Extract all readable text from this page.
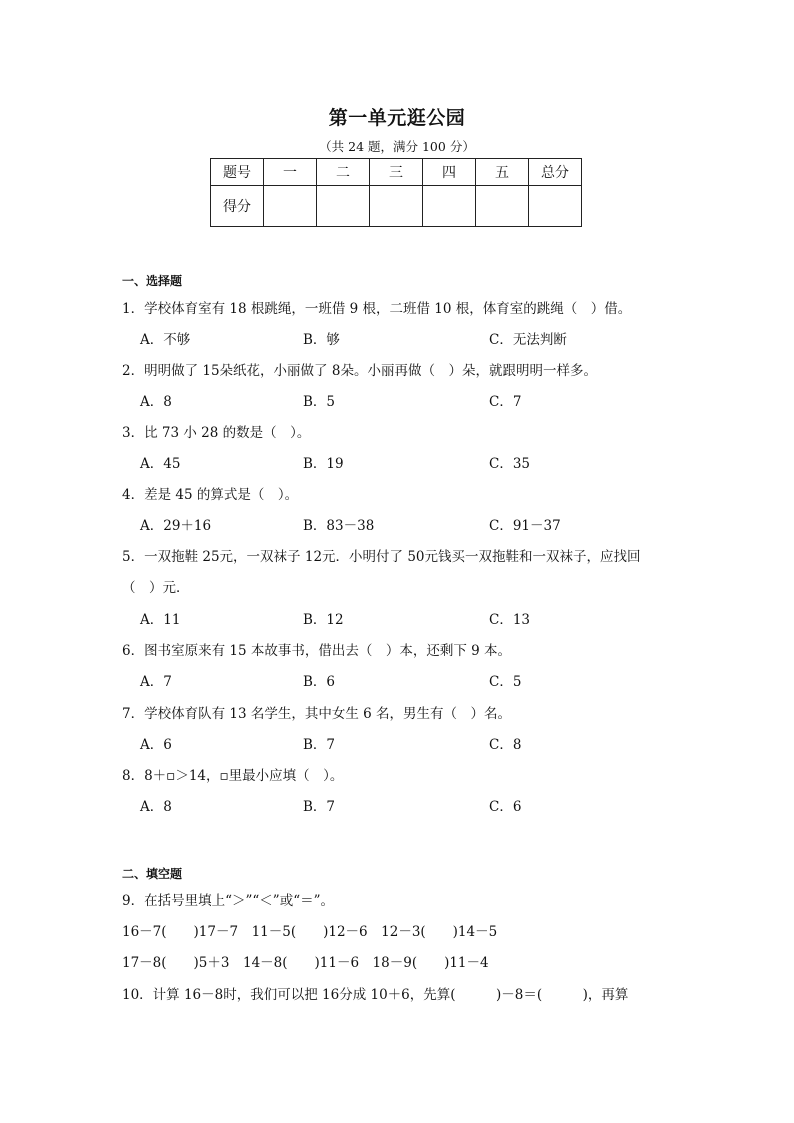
第一单元逛公园
（共 24 题，满分 100 分）
题号	一	二	三	四	五	总分
得分						
一、选择题
1．学校体育室有 18 根跳绳，一班借 9 根，二班借 10 根，体育室的跳绳（　）借。
A．不够	B．够	C．无法判断
2．明明做了 15朵纸花，小丽做了 8朵。小丽再做（　）朵，就跟明明一样多。
A．8	B．5	C．7
3．比 73 小 28 的数是（　）。
A．45	B．19	C．35
4．差是 45 的算式是（　）。
A．29＋16	B．83－38	C．91－37
5．一双拖鞋 25元，一双袜子 12元．小明付了 50元钱买一双拖鞋和一双袜子，应找回
（　）元．
A．11	B．12	C．13
6．图书室原来有 15 本故事书，借出去（　）本，还剩下 9 本。
A．7	B．6	C．5
7．学校体育队有 13 名学生，其中女生 6 名，男生有（　）名。
A．6	B．7	C．8
8．8＋▫＞14，▫里最小应填（　）。
A．8	B．7	C．6
二、填空题
9．在括号里填上“＞”“＜”或“＝”。
16－7(　　)17－7　11－5(　　)12－6　12－3(　　)14－5
17－8(　　)5＋3　14－8(　　)11－6　18－9(　　)11－4
10．计算 16－8时，我们可以把 16分成 10＋6，先算(　　　)－8＝(　　　)，再算
